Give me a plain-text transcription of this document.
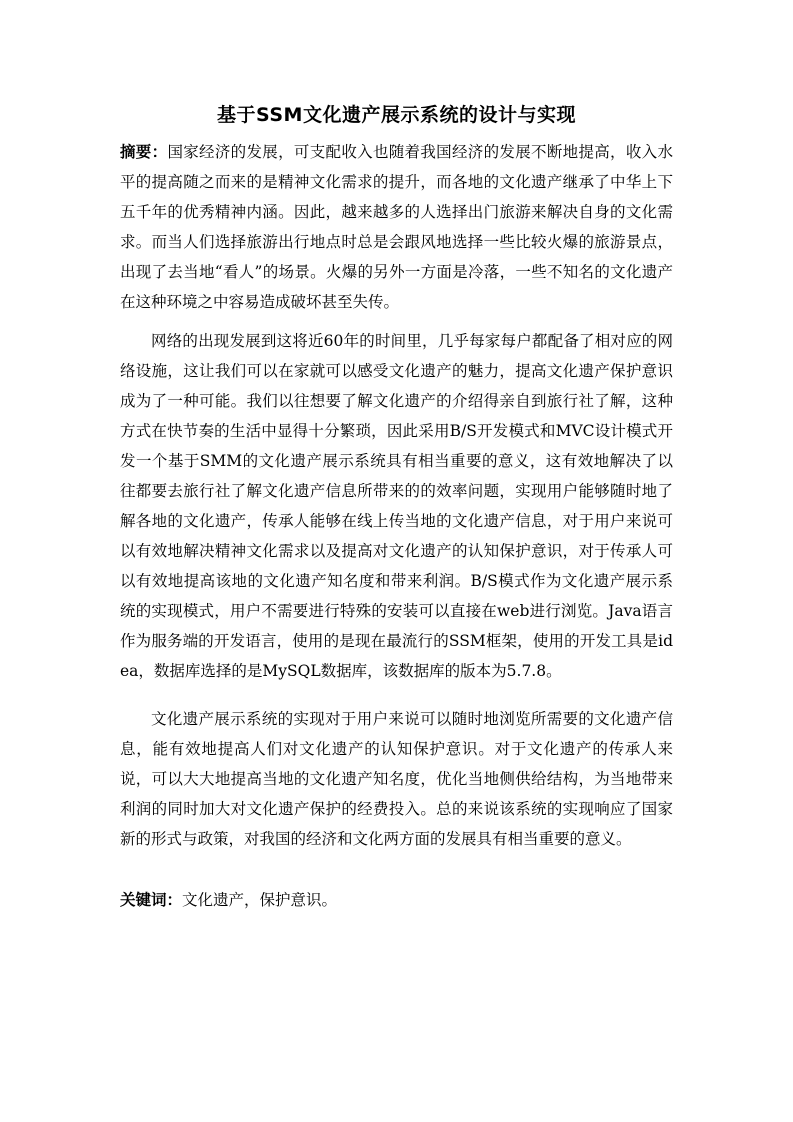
基于SSM文化遗产展示系统的设计与实现

摘要：国家经济的发展，可支配收入也随着我国经济的发展不断地提高，收入水平的提高随之而来的是精神文化需求的提升，而各地的文化遗产继承了中华上下五千年的优秀精神内涵。因此，越来越多的人选择出门旅游来解决自身的文化需求。而当人们选择旅游出行地点时总是会跟风地选择一些比较火爆的旅游景点，出现了去当地“看人”的场景。火爆的另外一方面是冷落，一些不知名的文化遗产在这种环境之中容易造成破坏甚至失传。

网络的出现发展到这将近60年的时间里，几乎每家每户都配备了相对应的网络设施，这让我们可以在家就可以感受文化遗产的魅力，提高文化遗产保护意识成为了一种可能。我们以往想要了解文化遗产的介绍得亲自到旅行社了解，这种方式在快节奏的生活中显得十分繁琐，因此采用B/S开发模式和MVC设计模式开发一个基于SMM的文化遗产展示系统具有相当重要的意义，这有效地解决了以往都要去旅行社了解文化遗产信息所带来的的效率问题，实现用户能够随时地了解各地的文化遗产，传承人能够在线上传当地的文化遗产信息，对于用户来说可以有效地解决精神文化需求以及提高对文化遗产的认知保护意识，对于传承人可以有效地提高该地的文化遗产知名度和带来利润。B/S模式作为文化遗产展示系统的实现模式，用户不需要进行特殊的安装可以直接在web进行浏览。Java语言作为服务端的开发语言，使用的是现在最流行的SSM框架，使用的开发工具是idea，数据库选择的是MySQL数据库，该数据库的版本为5.7.8。

文化遗产展示系统的实现对于用户来说可以随时地浏览所需要的文化遗产信息，能有效地提高人们对文化遗产的认知保护意识。对于文化遗产的传承人来说，可以大大地提高当地的文化遗产知名度，优化当地侧供给结构，为当地带来利润的同时加大对文化遗产保护的经费投入。总的来说该系统的实现响应了国家新的形式与政策，对我国的经济和文化两方面的发展具有相当重要的意义。

关键词：文化遗产，保护意识。
